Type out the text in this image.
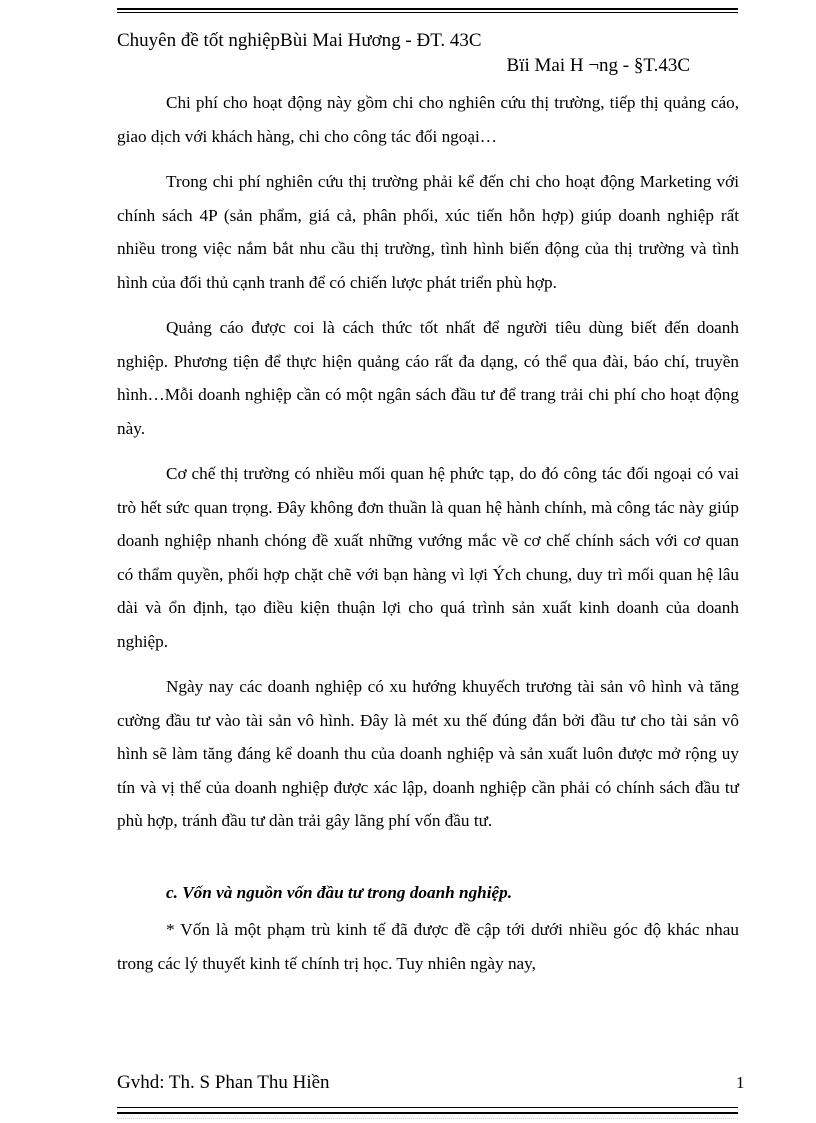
Chuyên đề tốt nghiệpBùi Mai Hương - ĐT. 43C
Bïi Mai H ¬ng - §T.43C

Chi phí cho hoạt động này gồm chi cho nghiên cứu thị trường, tiếp thị quảng cáo, giao dịch với khách hàng, chi cho công tác đối ngoại…

Trong chi phí nghiên cứu thị trường phải kể đến chi cho hoạt động Marketing với chính sách 4P (sản phẩm, giá cả, phân phối, xúc tiến hỗn hợp) giúp doanh nghiệp rất nhiều trong việc nắm bắt nhu cầu thị trường, tình hình biến động của thị trường và tình hình của đối thủ cạnh tranh để có chiến lược phát triển phù hợp.

Quảng cáo được coi là cách thức tốt nhất để người tiêu dùng biết đến doanh nghiệp. Phương tiện để thực hiện quảng cáo rất đa dạng, có thể qua đài, báo chí, truyền hình…Mỗi doanh nghiệp cần có một ngân sách đầu tư để trang trải chi phí cho hoạt động này.

Cơ chế thị trường có nhiều mối quan hệ phức tạp, do đó công tác đối ngoại có vai trò hết sức quan trọng. Đây không đơn thuần là quan hệ hành chính, mà công tác này giúp doanh nghiệp nhanh chóng đề xuất những vướng mắc về cơ chế chính sách với cơ quan có thẩm quyền, phối hợp chặt chẽ với bạn hàng vì lợi Ých chung, duy trì mối quan hệ lâu dài và ổn định, tạo điều kiện thuận lợi cho quá trình sản xuất kinh doanh của doanh nghiệp.

Ngày nay các doanh nghiệp có xu hướng khuyếch trương tài sản vô hình và tăng cường đầu tư vào tài sản vô hình. Đây là mét xu thế đúng đắn bởi đầu tư cho tài sản vô hình sẽ làm tăng đáng kể doanh thu của doanh nghiệp và sản xuất luôn được mở rộng uy tín và vị thế của doanh nghiệp được xác lập, doanh nghiệp cần phải có chính sách đầu tư phù hợp, tránh đầu tư dàn trải gây lãng phí vốn đầu tư.

c. Vốn và nguồn vốn đầu tư trong doanh nghiệp.

* Vốn là một phạm trù kinh tế đã được đề cập tới dưới nhiều góc độ khác nhau trong các lý thuyết kinh tế chính trị học. Tuy nhiên ngày nay,

Gvhd: Th. S Phan Thu Hiền	1
